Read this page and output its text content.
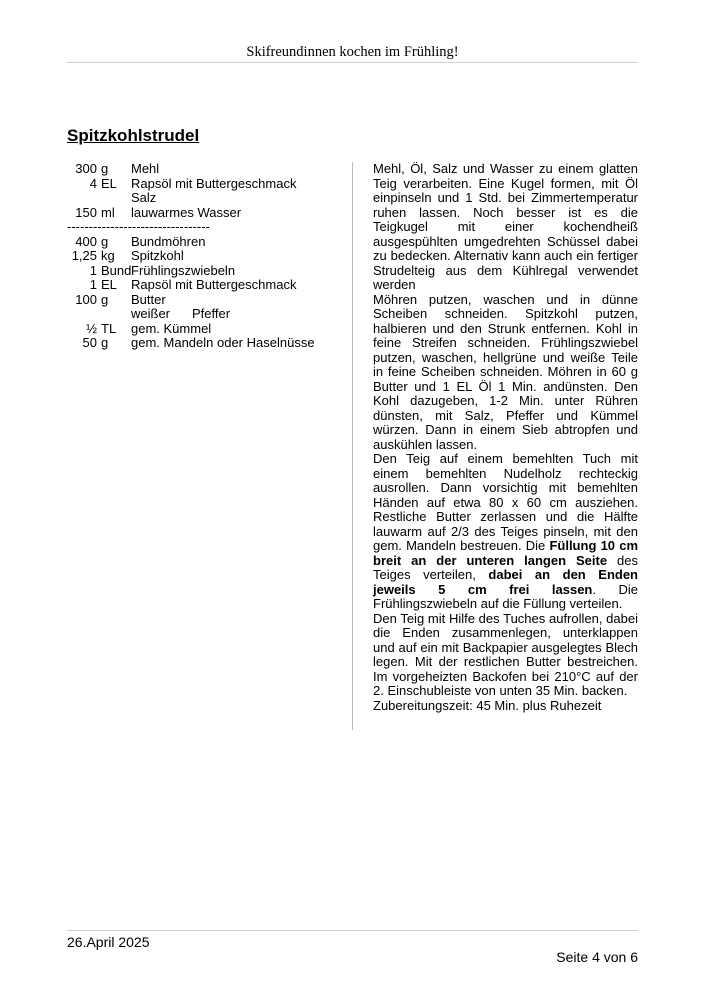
Skifreundinnen kochen im Frühling!
Spitzkohlstrudel
300 g	Mehl
4 EL	Rapsöl mit Buttergeschmack
Salz
150 ml	lauwarmes Wasser
---------------------------------
400 g	Bundmöhren
1,25 kg	Spitzkohl
1 Bund Frühlingszwiebeln
1 EL	Rapsöl mit Buttergeschmack
100 g	Butter
weißer Pfeffer
½ TL	gem. Kümmel
50 g	gem. Mandeln oder Haselnüsse

Mehl, Öl, Salz und Wasser zu einem glatten Teig verarbeiten. Eine Kugel formen, mit Öl einpinseln und 1 Std. bei Zimmertemperatur ruhen lassen. Noch besser ist es die Teigkugel mit einer kochendheiß ausgespühlten umgedrehten Schüssel dabei zu bedecken. Alternativ kann auch ein fertiger Strudelteig aus dem Kühlregal verwendet werden

Möhren putzen, waschen und in dünne Scheiben schneiden. Spitzkohl putzen, halbieren und den Strunk entfernen. Kohl in feine Streifen schneiden. Frühlingszwiebel putzen, waschen, hellgrüne und weiße Teile in feine Scheiben schneiden. Möhren in 60 g Butter und 1 EL Öl 1 Min. andünsten. Den Kohl dazugeben, 1-2 Min. unter Rühren dünsten, mit Salz, Pfeffer und Kümmel würzen. Dann in einem Sieb abtropfen und auskühlen lassen.

Den Teig auf einem bemehlten Tuch mit einem bemehlten Nudelholz rechteckig ausrollen. Dann vorsichtig mit bemehlten Händen auf etwa 80 x 60 cm ausziehen. Restliche Butter zerlassen und die Hälfte lauwarm auf 2/3 des Teiges pinseln, mit den gem. Mandeln bestreuen. Die Füllung 10 cm breit an der unteren langen Seite des Teiges verteilen, dabei an den Enden jeweils 5 cm frei lassen. Die Frühlingszwiebeln auf die Füllung verteilen.

Den Teig mit Hilfe des Tuches aufrollen, dabei die Enden zusammenlegen, unterklappen und auf ein mit Backpapier ausgelegtes Blech legen. Mit der restlichen Butter bestreichen. Im vorgeheizten Backofen bei 210°C auf der 2. Einschubleiste von unten 35 Min. backen.

Zubereitungszeit: 45 Min. plus Ruhezeit

26.April 2025
Seite 4 von 6
